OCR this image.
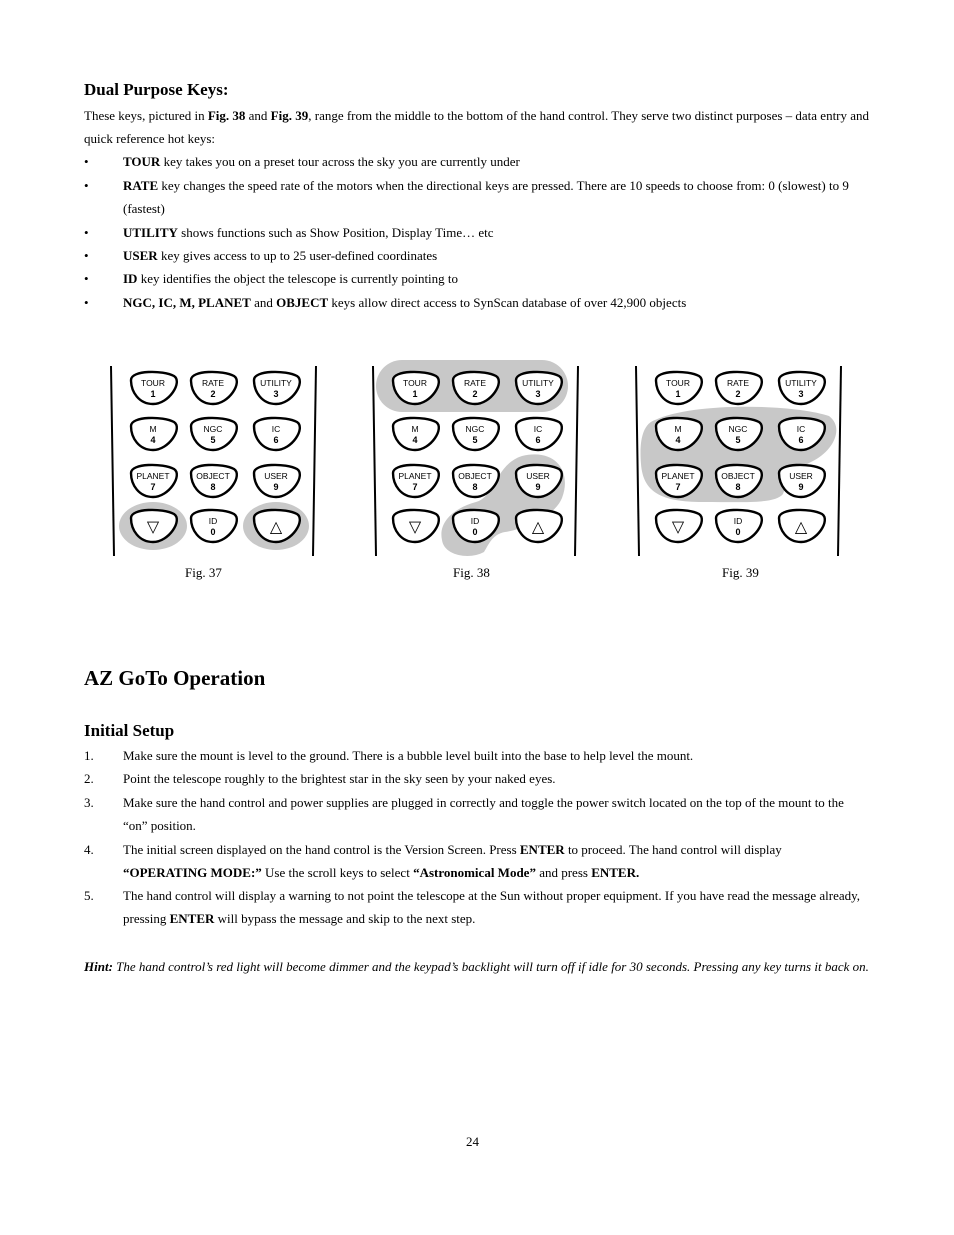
Dual Purpose Keys:
These keys, pictured in Fig. 38 and Fig. 39, range from the middle to the bottom of the hand control. They serve two distinct purposes – data entry and quick reference hot keys:
•	TOUR key takes you on a preset tour across the sky you are currently under
•	RATE key changes the speed rate of the motors when the directional keys are pressed. There are 10 speeds to choose from: 0 (slowest) to 9 (fastest)
•	UTILITY shows functions such as Show Position, Display Time… etc
•	USER key gives access to up to 25 user-defined coordinates
•	ID key identifies the object the telescope is currently pointing to
•	NGC, IC, M, PLANET and OBJECT keys allow direct access to SynScan database of over 42,900 objects
TOUR
1
RATE
2
UTILITY
3
M
4
NGC
5
IC
6
PLANET
7
OBJECT
8
USER
9
▽	ID
0	△
TOUR
1
RATE
2
UTILITY
3
M
4
NGC
5
IC
6
PLANET
7
OBJECT
8
USER
9
▽	ID
0	△
TOUR
1
RATE
2
UTILITY
3
M
4
NGC
5
IC
6
PLANET
7
OBJECT
8
USER
9
▽	ID
0	△
Fig. 37	Fig. 38	Fig. 39
AZ GoTo Operation
Initial Setup
1.	Make sure the mount is level to the ground. There is a bubble level built into the base to help level the mount.
2.	Point the telescope roughly to the brightest star in the sky seen by your naked eyes.
3.	Make sure the hand control and power supplies are plugged in correctly and toggle the power switch located on the top of the mount to the “on” position.
4.	The initial screen displayed on the hand control is the Version Screen. Press ENTER to proceed. The hand control will display “OPERATING MODE:” Use the scroll keys to select “Astronomical Mode” and press ENTER.
5.	The hand control will display a warning to not point the telescope at the Sun without proper equipment. If you have read the message already, pressing ENTER will bypass the message and skip to the next step.
Hint: The hand control’s red light will become dimmer and the keypad’s backlight will turn off if idle for 30 seconds. Pressing any key turns it back on.
24
